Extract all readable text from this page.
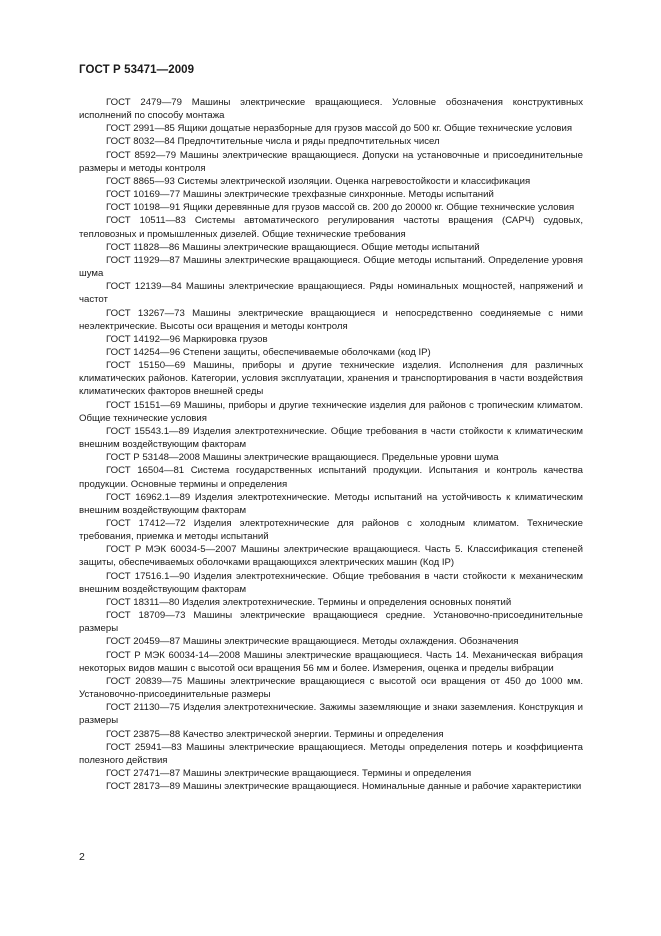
ГОСТ Р 53471—2009
ГОСТ 2479—79 Машины электрические вращающиеся. Условные обозначения конструктивных исполнений по способу монтажа
ГОСТ 2991—85 Ящики дощатые неразборные для грузов массой до 500 кг. Общие технические условия
ГОСТ 8032—84 Предпочтительные числа и ряды предпочтительных чисел
ГОСТ 8592—79 Машины электрические вращающиеся. Допуски на установочные и присоединительные размеры и методы контроля
ГОСТ 8865—93 Системы электрической изоляции. Оценка нагревостойкости и классификация
ГОСТ 10169—77 Машины электрические трехфазные синхронные. Методы испытаний
ГОСТ 10198—91 Ящики деревянные для грузов массой св. 200 до 20000 кг. Общие технические условия
ГОСТ 10511—83 Системы автоматического регулирования частоты вращения (САРЧ) судовых, тепловозных и промышленных дизелей. Общие технические требования
ГОСТ 11828—86 Машины электрические вращающиеся. Общие методы испытаний
ГОСТ 11929—87 Машины электрические вращающиеся. Общие методы испытаний. Определение уровня шума
ГОСТ 12139—84 Машины электрические вращающиеся. Ряды номинальных мощностей, напряжений и частот
ГОСТ 13267—73 Машины электрические вращающиеся и непосредственно соединяемые с ними неэлектрические. Высоты оси вращения и методы контроля
ГОСТ 14192—96 Маркировка грузов
ГОСТ 14254—96 Степени защиты, обеспечиваемые оболочками (код IP)
ГОСТ 15150—69 Машины, приборы и другие технические изделия. Исполнения для различных климатических районов. Категории, условия эксплуатации, хранения и транспортирования в части воздействия климатических факторов внешней среды
ГОСТ 15151—69 Машины, приборы и другие технические изделия для районов с тропическим климатом. Общие технические условия
ГОСТ 15543.1—89 Изделия электротехнические. Общие требования в части стойкости к климатическим внешним воздействующим факторам
ГОСТ Р 53148—2008 Машины электрические вращающиеся. Предельные уровни шума
ГОСТ 16504—81 Система государственных испытаний продукции. Испытания и контроль качества продукции. Основные термины и определения
ГОСТ 16962.1—89 Изделия электротехнические. Методы испытаний на устойчивость к климатическим внешним воздействующим факторам
ГОСТ 17412—72 Изделия электротехнические для районов с холодным климатом. Технические требования, приемка и методы испытаний
ГОСТ Р МЭК 60034-5—2007 Машины электрические вращающиеся. Часть 5. Классификация степеней защиты, обеспечиваемых оболочками вращающихся электрических машин (Код IP)
ГОСТ 17516.1—90 Изделия электротехнические. Общие требования в части стойкости к механическим внешним воздействующим факторам
ГОСТ 18311—80 Изделия электротехнические. Термины и определения основных понятий
ГОСТ 18709—73 Машины электрические вращающиеся средние. Установочно-присоединительные размеры
ГОСТ 20459—87 Машины электрические вращающиеся. Методы охлаждения. Обозначения
ГОСТ Р МЭК 60034-14—2008 Машины электрические вращающиеся. Часть 14. Механическая вибрация некоторых видов машин с высотой оси вращения 56 мм и более. Измерения, оценка и пределы вибрации
ГОСТ 20839—75 Машины электрические вращающиеся с высотой оси вращения от 450 до 1000 мм. Установочно-присоединительные размеры
ГОСТ 21130—75 Изделия электротехнические. Зажимы заземляющие и знаки заземления. Конструкция и размеры
ГОСТ 23875—88 Качество электрической энергии. Термины и определения
ГОСТ 25941—83 Машины электрические вращающиеся. Методы определения потерь и коэффициента полезного действия
ГОСТ 27471—87 Машины электрические вращающиеся. Термины и определения
ГОСТ 28173—89 Машины электрические вращающиеся. Номинальные данные и рабочие характеристики
2
